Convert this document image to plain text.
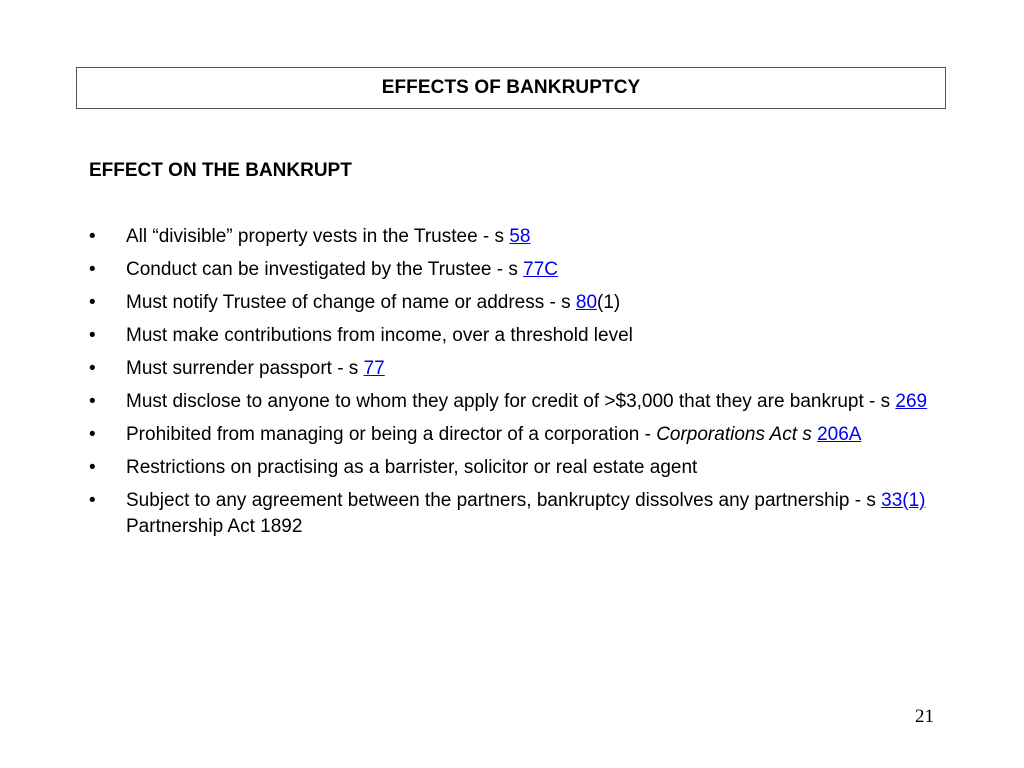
EFFECTS OF BANKRUPTCY
EFFECT ON THE BANKRUPT
• All “divisible” property vests in the Trustee - s 58
• Conduct can be investigated by the Trustee - s 77C
• Must notify Trustee of change of name or address - s 80(1)
• Must make contributions from income, over a threshold level
• Must surrender passport - s 77
• Must disclose to anyone to whom they apply for credit of >$3,000 that they are bankrupt - s 269
• Prohibited from managing or being a director of a corporation - Corporations Act s 206A
• Restrictions on practising as a barrister, solicitor or real estate agent
• Subject to any agreement between the partners, bankruptcy dissolves any partnership - s 33(1) Partnership Act 1892
21
